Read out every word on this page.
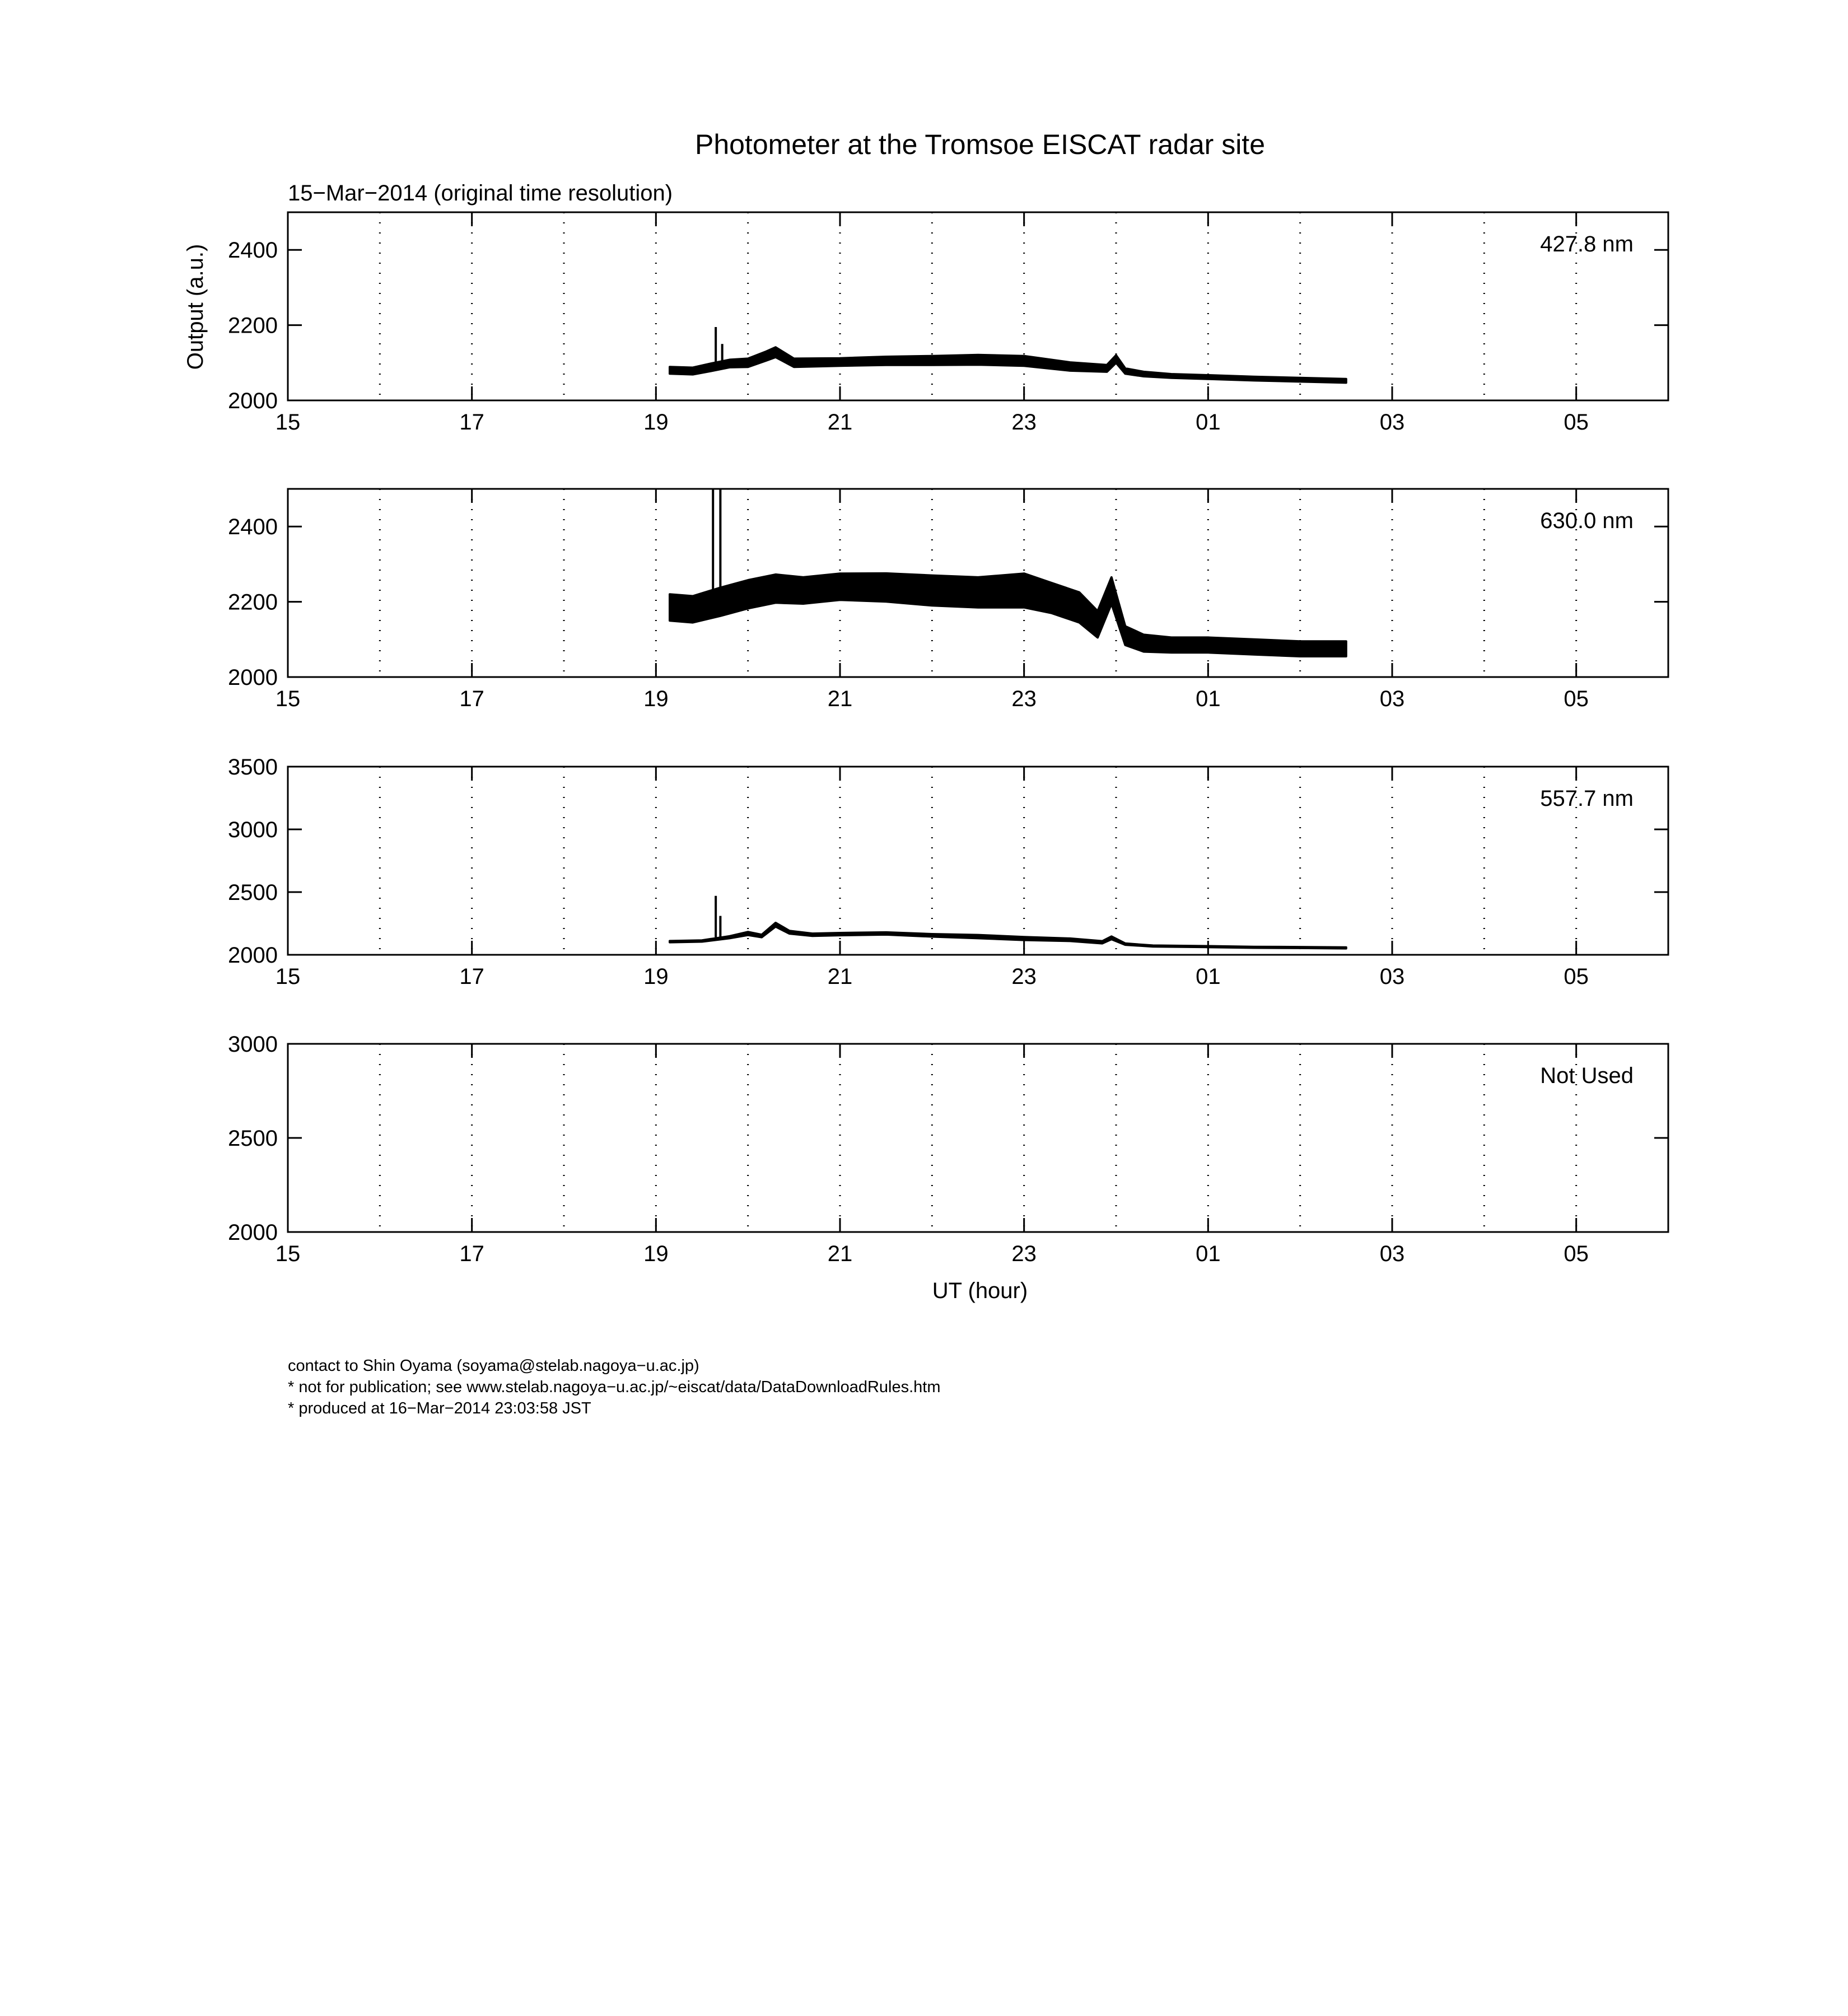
Photometer at the Tromsoe EISCAT radar site
15−Mar−2014 (original time resolution)
Output (a.u.)
UT (hour)
contact to Shin Oyama (soyama@stelab.nagoya−u.ac.jp)
* not for publication; see www.stelab.nagoya−u.ac.jp/~eiscat/data/DataDownloadRules.htm
* produced at 16−Mar−2014 23:03:58 JST
2000
2200
2400
15	17	19	21	23	01	03	05
427.8 nm
2000
2200
2400
15	17	19	21	23	01	03	05
630.0 nm
2000
2500
3000
3500
15	17	19	21	23	01	03	05
557.7 nm
2000
2500
3000
15	17	19	21	23	01	03	05
Not Used
